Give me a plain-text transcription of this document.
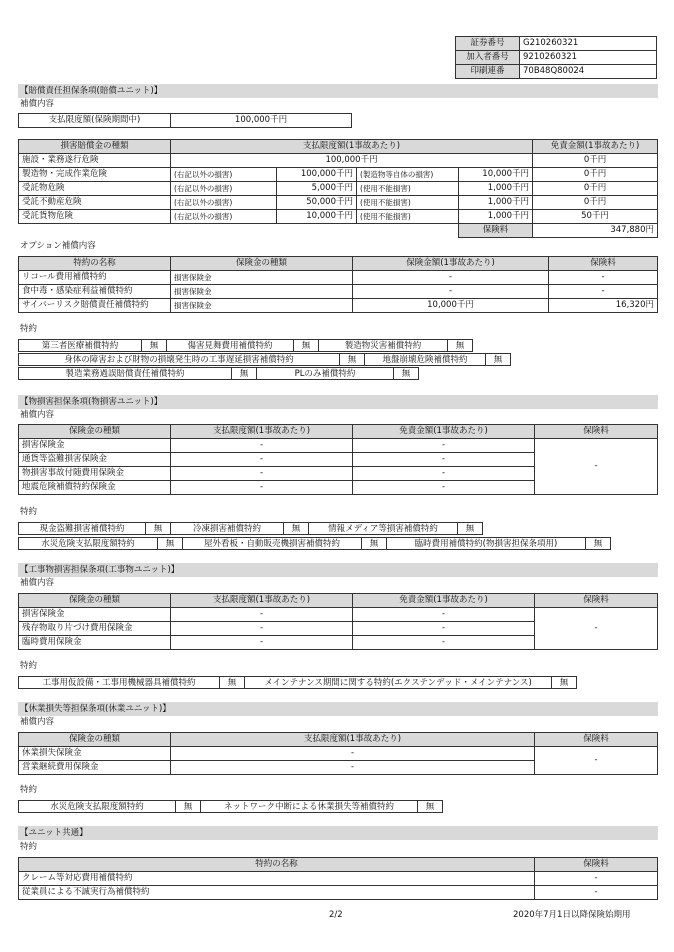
証券番号	G210260321
加入者番号	9210260321
印刷連番	70B48Q80024
【賠償責任担保条項(賠償ユニット)】
補償内容
支払限度額(保険期間中)	100,000千円
損害賠償金の種類	支払限度額(1事故あたり)				免責金額(1事故あたり)
施設・業務遂行危険	100,000千円				0千円
製造物・完成作業危険	(右記以外の損害)	100,000千円	(製造物等自体の損害)	10,000千円	0千円
受託物危険	(右記以外の損害)	5,000千円	(使用不能損害)	1,000千円	0千円
受託不動産危険	(右記以外の損害)	50,000千円	(使用不能損害)	1,000千円	0千円
受託貨物危険	(右記以外の損害)	10,000千円	(使用不能損害)	1,000千円	50千円
				保険料	347,880円
オプション補償内容
特約の名称	保険金の種類	保険金額(1事故あたり)	保険料
リコール費用補償特約	損害保険金	-	-
食中毒・感染症利益補償特約	損害保険金	-	-
サイバーリスク賠償責任補償特約	損害保険金	10,000千円	16,320円
特約
第三者医療補償特約	無	傷害見舞費用補償特約	無	製造物災害補償特約	無
身体の障害および財物の損壊発生時の工事遅延損害補償特約	無	地盤崩壊危険補償特約	無
製造業務過誤賠償責任補償特約	無	PLのみ補償特約	無
【物損害担保条項(物損害ユニット)】
補償内容
保険金の種類	支払限度額(1事故あたり)	免責金額(1事故あたり)	保険料
損害保険金	-	-	-
通貨等盗難損害保険金	-	-	
物損害事故付随費用保険金	-	-	
地震危険補償特約保険金	-	-	
特約
現金盗難損害補償特約	無	冷凍損害補償特約	無	情報メディア等損害補償特約	無
水災危険支払限度額特約	無	屋外看板・自動販売機損害補償特約	無	臨時費用補償特約(物損害担保条項用)	無
【工事物損害担保条項(工事物ユニット)】
補償内容
保険金の種類	支払限度額(1事故あたり)	免責金額(1事故あたり)	保険料
損害保険金	-	-	-
残存物取り片づけ費用保険金	-	-	
臨時費用保険金	-	-	
特約
工事用仮設備・工事用機械器具補償特約	無	メインテナンス期間に関する特約(エクステンデッド・メインテナンス)	無
【休業損失等担保条項(休業ユニット)】
補償内容
保険金の種類	支払限度額(1事故あたり)	保険料
休業損失保険金	-	-
営業継続費用保険金	-	
特約
水災危険支払限度額特約	無	ネットワーク中断による休業損失等補償特約	無
【ユニット共通】
特約
特約の名称	保険料
クレーム等対応費用補償特約	-
従業員による不誠実行為補償特約	-
2/2	2020年7月1日以降保険始期用
